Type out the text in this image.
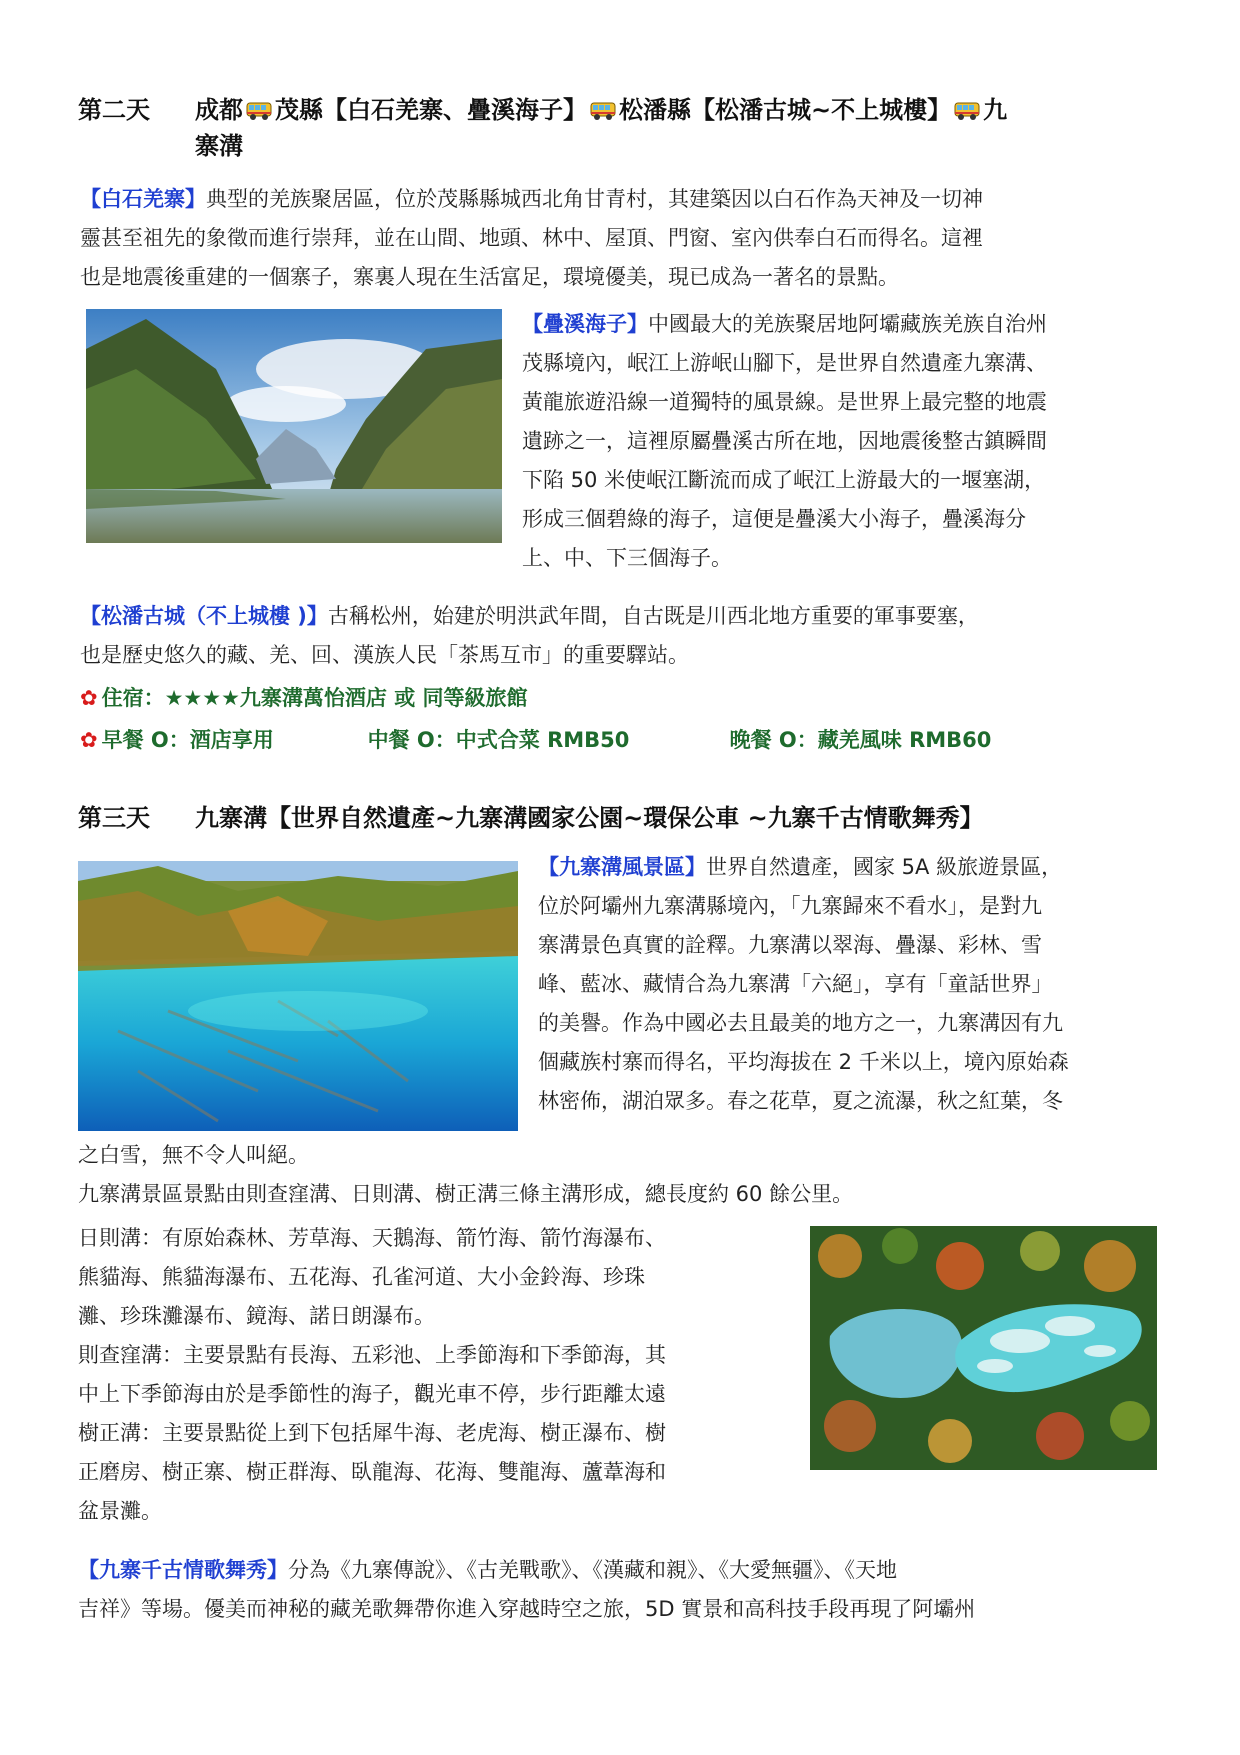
第二天 成都 茂縣【白石羌寨、疊溪海子】 松潘縣【松潘古城~不上城樓】 九
寨溝
【白石羌寨】典型的羌族聚居區，位於茂縣縣城西北角甘青村，其建築因以白石作為天神及一切神
靈甚至祖先的象徵而進行崇拜，並在山間、地頭、林中、屋頂、門窗、室內供奉白石而得名。這裡
也是地震後重建的一個寨子，寨裏人現在生活富足，環境優美，現已成為一著名的景點。
【疊溪海子】中國最大的羌族聚居地阿壩藏族羌族自治州
茂縣境內，岷江上游岷山腳下，是世界自然遺產九寨溝、
黃龍旅遊沿線一道獨特的風景線。是世界上最完整的地震
遺跡之一，這裡原屬疊溪古所在地，因地震後整古鎮瞬間
下陷 50 米使岷江斷流而成了岷江上游最大的一堰塞湖，
形成三個碧綠的海子，這便是疊溪大小海子，疊溪海分
上、中、下三個海子。
【松潘古城（不上城樓 )】古稱松州，始建於明洪武年間，自古既是川西北地方重要的軍事要塞，
也是歷史悠久的藏、羌、回、漢族人民「茶馬互市」的重要驛站。
✿ 住宿：★★★★九寨溝萬怡酒店 或 同等級旅館
✿ 早餐 O：酒店享用	中餐 O：中式合菜 RMB50	晚餐 O：藏羌風味 RMB60
第三天 九寨溝【世界自然遺產~九寨溝國家公園~環保公車 ~九寨千古情歌舞秀】
【九寨溝風景區】世界自然遺產，國家 5A 級旅遊景區，
位於阿壩州九寨溝縣境內，「九寨歸來不看水」，是對九
寨溝景色真實的詮釋。九寨溝以翠海、疊瀑、彩林、雪
峰、藍冰、藏情合為九寨溝「六絕」，享有「童話世界」
的美譽。作為中國必去且最美的地方之一，九寨溝因有九
個藏族村寨而得名，平均海拔在 2 千米以上，境內原始森
林密佈，湖泊眾多。春之花草，夏之流瀑，秋之紅葉，冬
之白雪，無不令人叫絕。
九寨溝景區景點由則查窪溝、日則溝、樹正溝三條主溝形成，總長度約 60 餘公里。
日則溝：有原始森林、芳草海、天鵝海、箭竹海、箭竹海瀑布、
熊貓海、熊貓海瀑布、五花海、孔雀河道、大小金鈴海、珍珠
灘、珍珠灘瀑布、鏡海、諾日朗瀑布。
則查窪溝：主要景點有長海、五彩池、上季節海和下季節海，其
中上下季節海由於是季節性的海子，觀光車不停，步行距離太遠
樹正溝：主要景點從上到下包括犀牛海、老虎海、樹正瀑布、樹
正磨房、樹正寨、樹正群海、臥龍海、花海、雙龍海、蘆葦海和
盆景灘。
【九寨千古情歌舞秀】分為《九寨傳說》、《古羌戰歌》、《漢藏和親》、《大愛無疆》、《天地
吉祥》等場。優美而神秘的藏羌歌舞帶你進入穿越時空之旅，5D 實景和高科技手段再現了阿壩州
